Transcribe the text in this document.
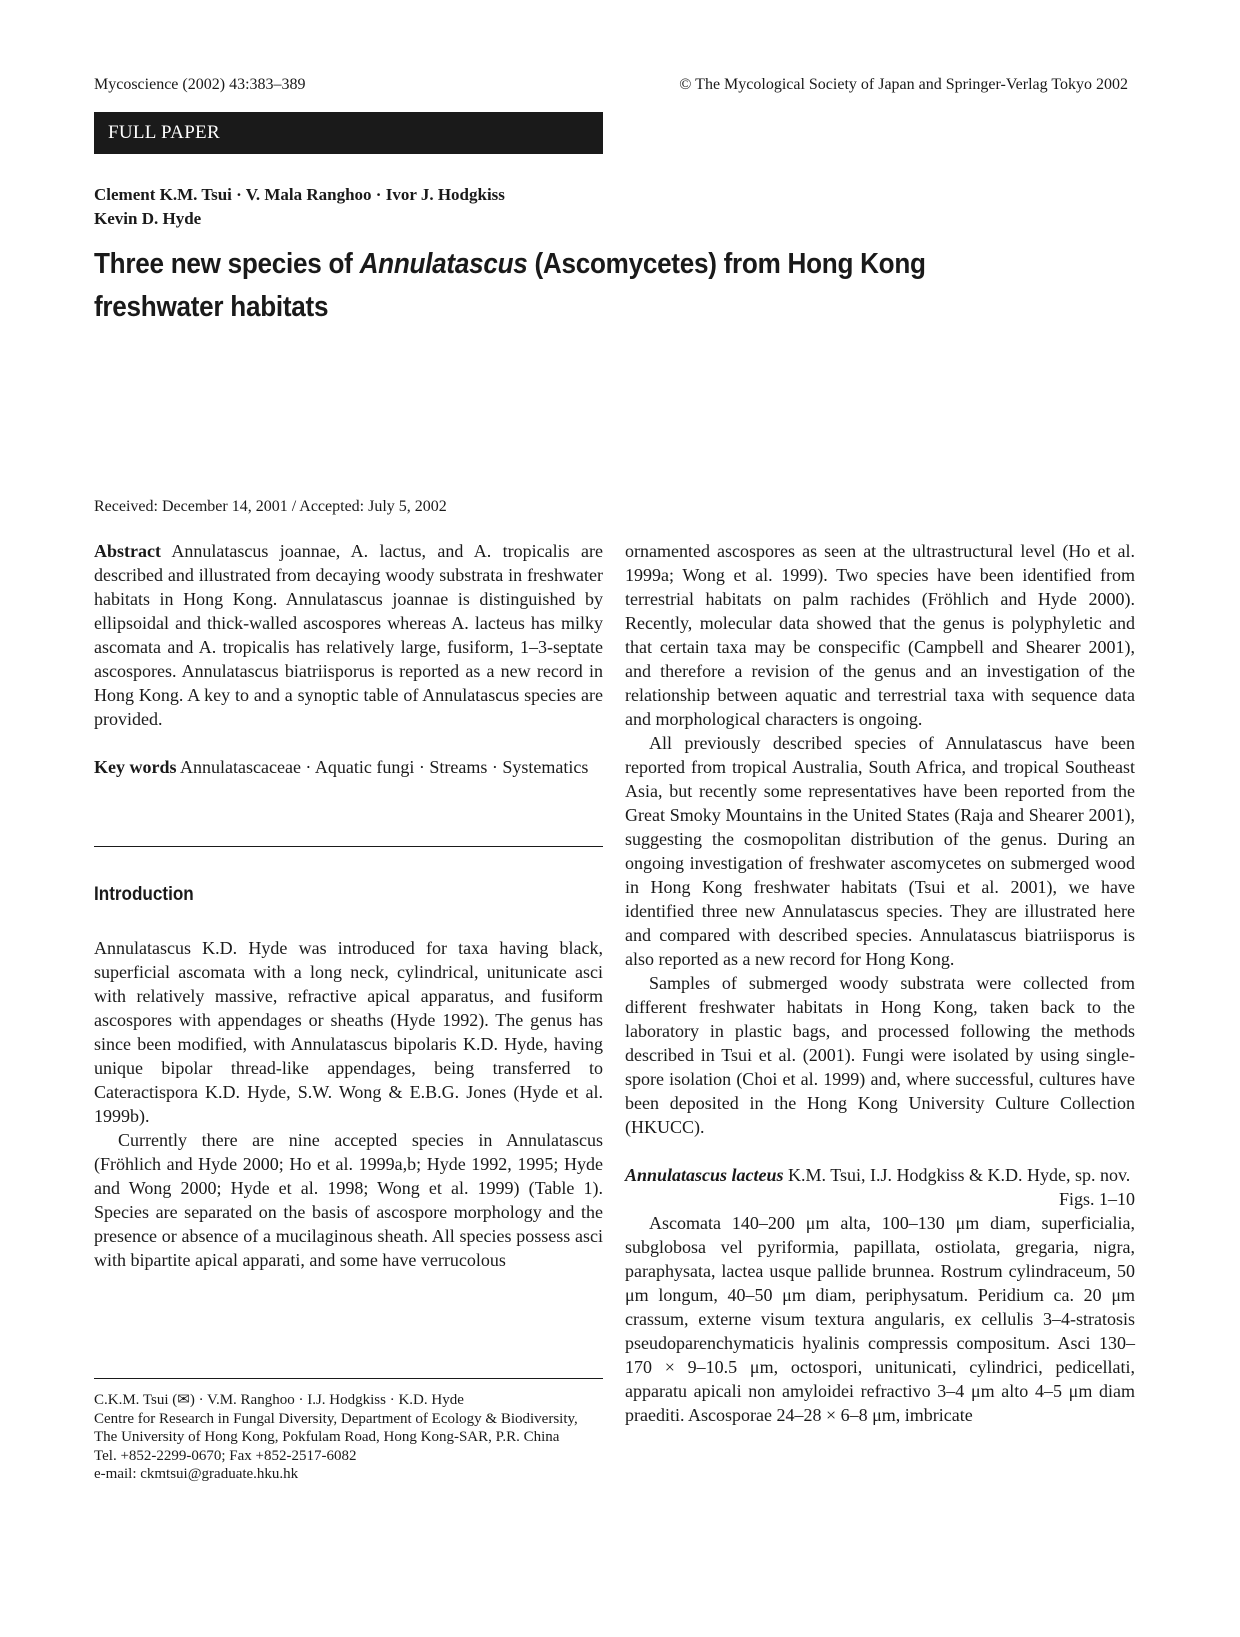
Mycoscience (2002) 43:383–389	© The Mycological Society of Japan and Springer-Verlag Tokyo 2002
FULL PAPER
Clement K.M. Tsui · V. Mala Ranghoo · Ivor J. Hodgkiss
Kevin D. Hyde
Three new species of Annulatascus (Ascomycetes) from Hong Kong freshwater habitats
Received: December 14, 2001 / Accepted: July 5, 2002

Abstract Annulatascus joannae, A. lactus, and A. tropicalis are described and illustrated from decaying woody substrata in freshwater habitats in Hong Kong. Annulatascus joannae is distinguished by ellipsoidal and thick-walled ascospores whereas A. lacteus has milky ascomata and A. tropicalis has relatively large, fusiform, 1–3-septate ascospores. Annulatascus biatriisporus is reported as a new record in Hong Kong. A key to and a synoptic table of Annulatascus species are provided.

Key words Annulatascaceae · Aquatic fungi · Streams · Systematics

Introduction

Annulatascus K.D. Hyde was introduced for taxa having black, superficial ascomata with a long neck, cylindrical, unitunicate asci with relatively massive, refractive apical apparatus, and fusiform ascospores with appendages or sheaths (Hyde 1992). The genus has since been modified, with Annulatascus bipolaris K.D. Hyde, having unique bipolar thread-like appendages, being transferred to Cateractispora K.D. Hyde, S.W. Wong & E.B.G. Jones (Hyde et al. 1999b).

Currently there are nine accepted species in Annulatascus (Fröhlich and Hyde 2000; Ho et al. 1999a,b; Hyde 1992, 1995; Hyde and Wong 2000; Hyde et al. 1998; Wong et al. 1999) (Table 1). Species are separated on the basis of ascospore morphology and the presence or absence of a mucilaginous sheath. All species possess asci with bipartite apical apparati, and some have verrucolous

ornamented ascospores as seen at the ultrastructural level (Ho et al. 1999a; Wong et al. 1999). Two species have been identified from terrestrial habitats on palm rachides (Fröhlich and Hyde 2000). Recently, molecular data showed that the genus is polyphyletic and that certain taxa may be conspecific (Campbell and Shearer 2001), and therefore a revision of the genus and an investigation of the relationship between aquatic and terrestrial taxa with sequence data and morphological characters is ongoing.

All previously described species of Annulatascus have been reported from tropical Australia, South Africa, and tropical Southeast Asia, but recently some representatives have been reported from the Great Smoky Mountains in the United States (Raja and Shearer 2001), suggesting the cosmopolitan distribution of the genus. During an ongoing investigation of freshwater ascomycetes on submerged wood in Hong Kong freshwater habitats (Tsui et al. 2001), we have identified three new Annulatascus species. They are illustrated here and compared with described species. Annulatascus biatriisporus is also reported as a new record for Hong Kong.

Samples of submerged woody substrata were collected from different freshwater habitats in Hong Kong, taken back to the laboratory in plastic bags, and processed following the methods described in Tsui et al. (2001). Fungi were isolated by using single-spore isolation (Choi et al. 1999) and, where successful, cultures have been deposited in the Hong Kong University Culture Collection (HKUCC).

Annulatascus lacteus K.M. Tsui, I.J. Hodgkiss & K.D. Hyde, sp. nov.
Figs. 1–10

Ascomata 140–200 μm alta, 100–130 μm diam, superficialia, subglobosa vel pyriformia, papillata, ostiolata, gregaria, nigra, paraphysata, lactea usque pallide brunnea. Rostrum cylindraceum, 50 μm longum, 40–50 μm diam, periphysatum. Peridium ca. 20 μm crassum, externe visum textura angularis, ex cellulis 3–4-stratosis pseudoparenchymaticis hyalinis compressis compositum. Asci 130–170 × 9–10.5 μm, octospori, unitunicati, cylindrici, pedicellati, apparatu apicali non amyloidei refractivo 3–4 μm alto 4–5 μm diam praediti. Ascosporae 24–28 × 6–8 μm, imbricate

C.K.M. Tsui (✉) · V.M. Ranghoo · I.J. Hodgkiss · K.D. Hyde

Centre for Research in Fungal Diversity, Department of Ecology & Biodiversity, The University of Hong Kong, Pokfulam Road, Hong Kong-SAR, P.R. China

Tel. +852-2299-0670; Fax +852-2517-6082

e-mail: ckmtsui@graduate.hku.hk
